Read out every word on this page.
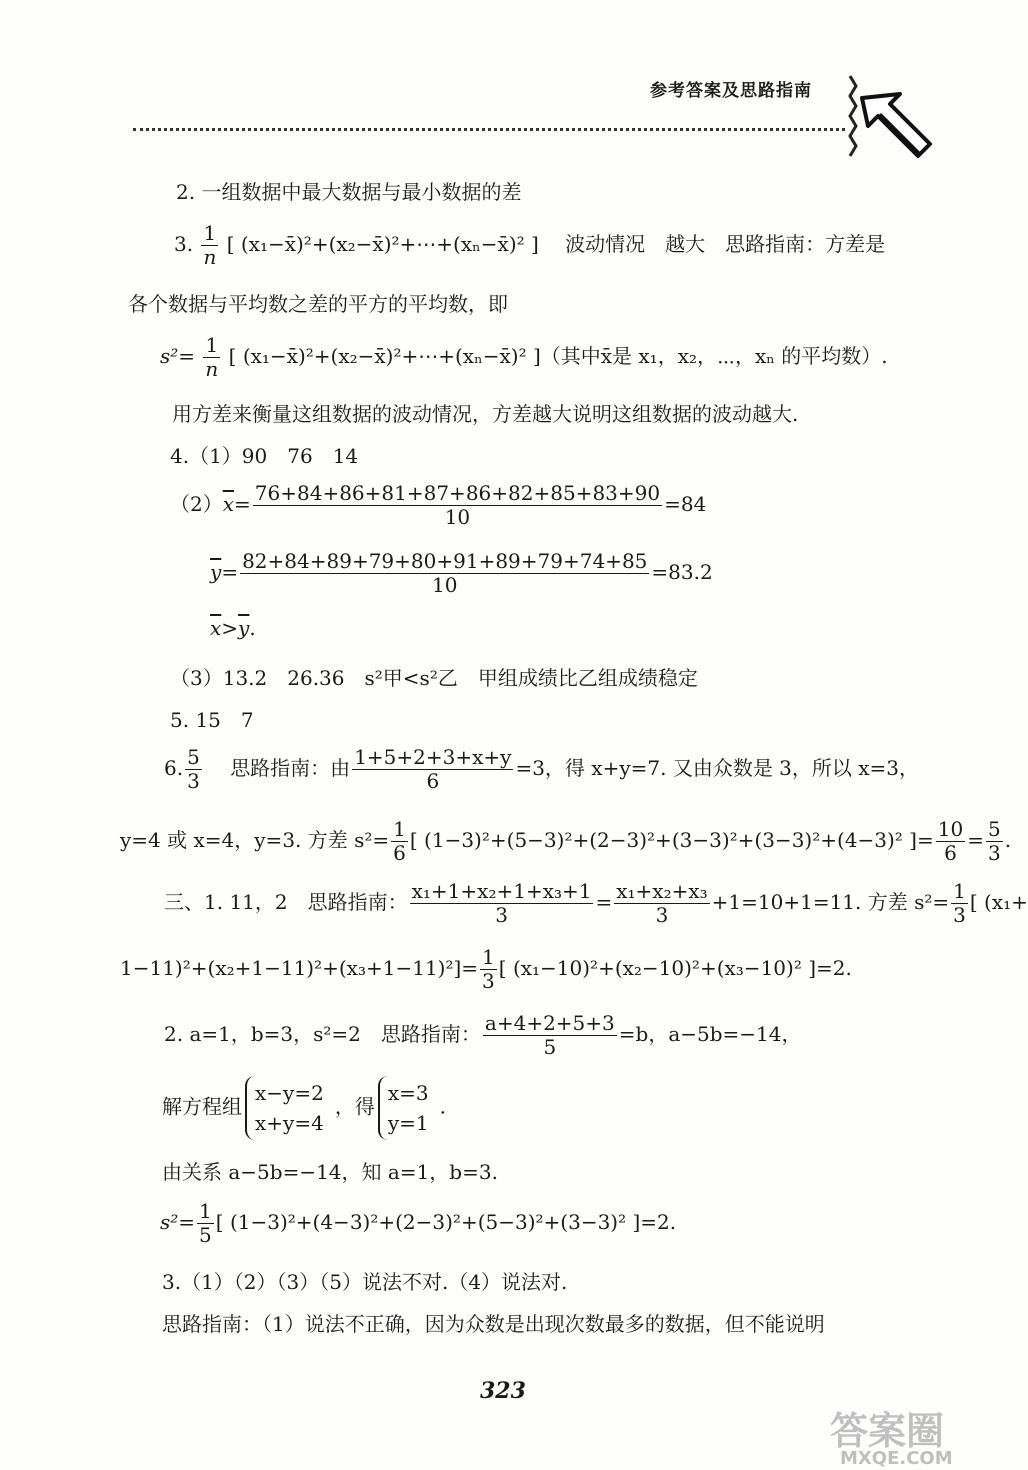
参考答案及思路指南
2. 一组数据中最大数据与最小数据的差
3. $\frac{1}{n}$ [ (x₁−x̄)²+(x₂−x̄)²+⋯+(xₙ−x̄)² ]　 波动情况　越大　思路指南：方差是
各个数据与平均数之差的平方的平均数，即
$s^2= \frac{1}{n}$ [ (x₁−x̄)²+(x₂−x̄)²+⋯+(xₙ−x̄)² ]（其中x̄是 x₁，x₂，⋯，xₙ 的平均数）.
用方差来衡量这组数据的波动情况，方差越大说明这组数据的波动越大.
4.（1）90　76　14
$(2)\overline{x}= \frac{76+84+86+81+87+86+82+85+83+90}{10} =84$
$\overline{y}= \frac{82+84+89+79+80+91+89+79+74+85}{10} =83.2$
$\overline{x}>\overline{y}$.
（3）13.2　26.36　s²甲<s²乙　甲组成绩比乙组成绩稳定
5. 15　7
6. $\frac{5}{3}$
　 思路指南：由 $\frac{1+5+2+3+x+y}{6} =3$，得 x+y=7. 又由众数是 3，所以 x=3，
y=4 或 x=4，y=3. 方差 $s^2= \frac{1}{6}$ [ (1−3)²+(5−3)²+(2−3)²+(3−3)²+(3−3)²+(4−3)² ]= $\frac{10}{6} = \frac{5}{3}$ .
三、1. 11，2　思路指南： $\frac{\text{x₁+1+x₂+1+x₃+1}}{3} = \frac{\text{x₁+x₂+x₃}}{3} +1=10+1=11$. 方差 $s^2= \frac{1}{3}$ [ (x₁+
$1-11)^2+(x_2+1-11)^2+(x_3+1-11)^2]= \frac{1}{3}$ [ (x₁−10)²+(x₂−10)²+(x₃−10)² ]=2.
2. a=1，b=3，s²=2　思路指南： $\frac{a+4+2+5+3}{5} =b$，a−5b=−14，
解方程组x−y=2
x+y=4，得x=3
y=1.
由关系 a−5b=−14，知 a=1，b=3.
$s^2= \frac{1}{5}$ [ (1−3)²+(4−3)²+(2−3)²+(5−3)²+(3−3)² ]=2.
3.（1）（2）（3）（5）说法不对.（4）说法对.
思路指南：（1）说法不正确，因为众数是出现次数最多的数据，但不能说明
323
答案圈
MXQE.COM
